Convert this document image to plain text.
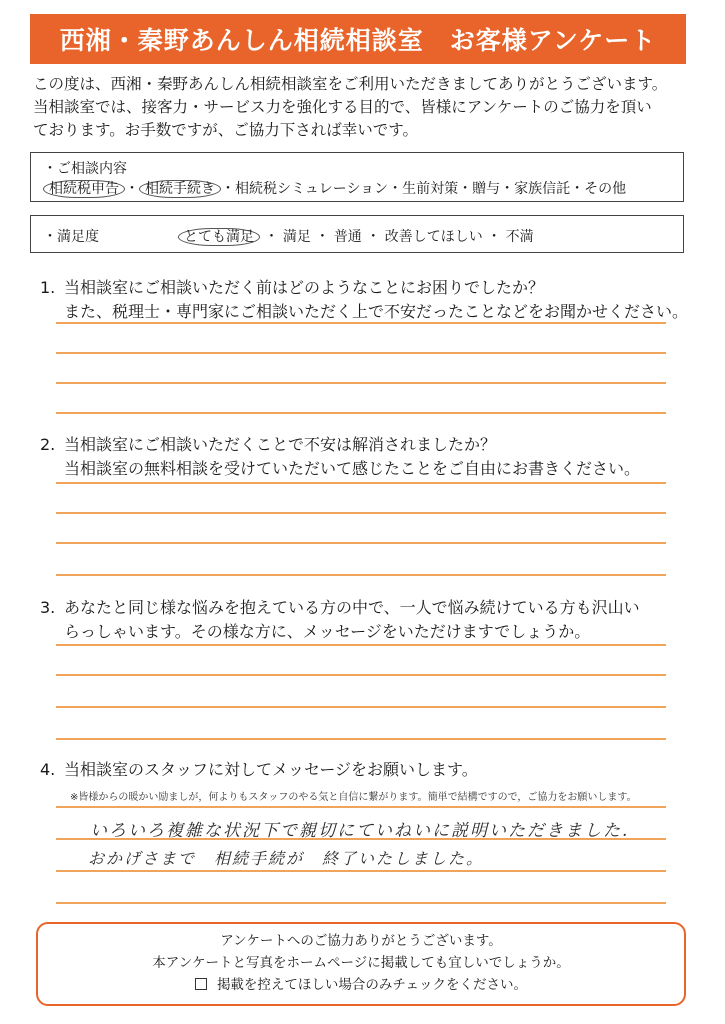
西湘・秦野あんしん相続相談室　お客様アンケート
この度は、西湘・秦野あんしん相続相談室をご利用いただきましてありがとうございます。
当相談室では、接客力・サービス力を強化する目的で、皆様にアンケートのご協力を頂い
ております。お手数ですが、ご協力下されば幸いです。
・ご相談内容
相続税申告 ・ 相続手続き ・相続税シミュレーション・生前対策・贈与・家族信託・その他
・満足度	とても満足 ・ 満足 ・ 普通 ・ 改善してほしい ・ 不満
1. 当相談室にご相談いただく前はどのようなことにお困りでしたか？
また、税理士・専門家にご相談いただく上で不安だったことなどをお聞かせください。
2. 当相談室にご相談いただくことで不安は解消されましたか？
当相談室の無料相談を受けていただいて感じたことをご自由にお書きください。
3. あなたと同じ様な悩みを抱えている方の中で、一人で悩み続けている方も沢山い
らっしゃいます。その様な方に、メッセージをいただけますでしょうか。
4. 当相談室のスタッフに対してメッセージをお願いします。
※皆様からの暖かい励ましが，何よりもスタッフのやる気と自信に繋がります。簡単で結構ですので，ご協力をお願いします。
いろいろ複雑な状況下で親切にていねいに説明いただきました.
おかげさまで　相続手続が　終了いたしました。
アンケートへのご協力ありがとうございます。
本アンケートと写真をホームページに掲載しても宜しいでしょうか。
掲載を控えてほしい場合のみチェックをください。
